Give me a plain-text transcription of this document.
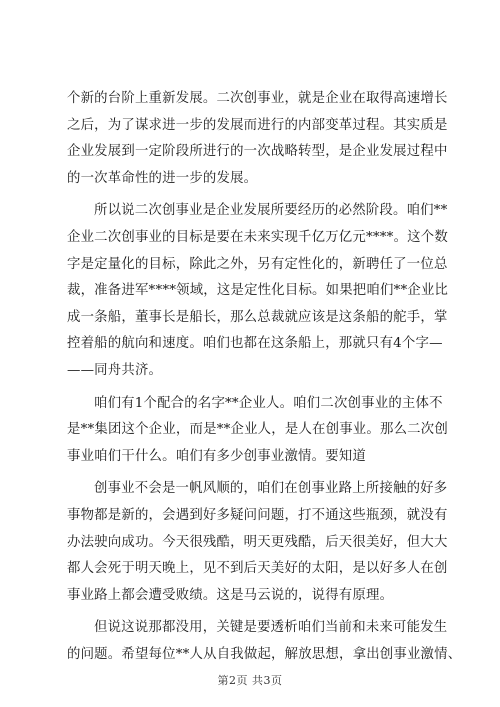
个新的台阶上重新发展。二次创事业，就是企业在取得高速增长
之后，为了谋求进一步的发展而进行的内部变革过程。其实质是
企业发展到一定阶段所进行的一次战略转型，是企业发展过程中
的一次革命性的进一步的发展。

所以说二次创事业是企业发展所要经历的必然阶段。咱们**
企业二次创事业的目标是要在未来实现千亿万亿元****。这个数
字是定量化的目标，除此之外，另有定性化的，新聘任了一位总
裁，准备进军****领域，这是定性化目标。如果把咱们**企业比
成一条船，董事长是船长，那么总裁就应该是这条船的舵手，掌
控着船的航向和速度。咱们也都在这条船上，那就只有4个字—
——同舟共济。

咱们有1个配合的名字**企业人。咱们二次创事业的主体不
是**集团这个企业，而是**企业人，是人在创事业。那么二次创
事业咱们干什么。咱们有多少创事业激情。要知道

创事业不会是一帆风顺的，咱们在创事业路上所接触的好多
事物都是新的，会遇到好多疑问问题，打不通这些瓶颈，就没有
办法驶向成功。今天很残酷，明天更残酷，后天很美好，但大大
都人会死于明天晚上，见不到后天美好的太阳，是以好多人在创
事业路上都会遭受败绩。这是马云说的，说得有原理。

但说这说那都没用，关键是要透析咱们当前和未来可能发生
的问题。希望每位**人从自我做起，解放思想，拿出创事业激情、

第2页 共3页
